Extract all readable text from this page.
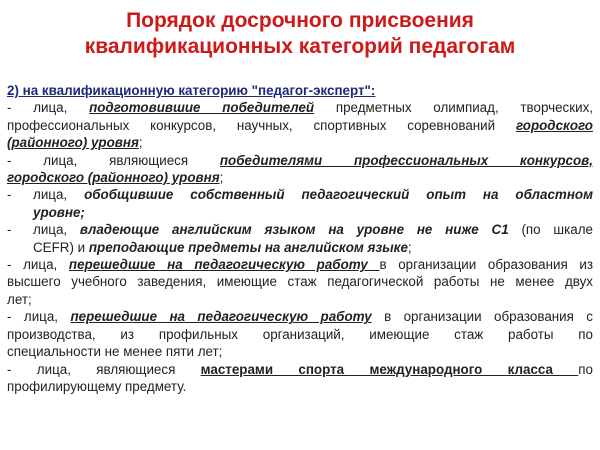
Порядок досрочного присвоения
квалификационных категорий педагогам

2) на квалификационную категорию "педагог-эксперт":

- лица, подготовившие победителей предметных олимпиад, творческих,

профессиональных конкурсов, научных, спортивных соревнований городского

(районного) уровня;

- лица, являющиеся победителями профессиональных конкурсов,

городского (районного) уровня;

-	лица, обобщившие собственный педагогический опыт на областном

уровне;

-	лица, владеющие английским языком на уровне не ниже С1 (по шкале

CEFR) и преподающие предметы на английском языке;

- лица, перешедшие на педагогическую работу в организации образования из

высшего учебного заведения, имеющие стаж педагогической работы не менее двух

лет;

- лица, перешедшие на педагогическую работу в организации образования с

производства, из профильных организаций, имеющие стаж работы по

специальности не менее пяти лет;

- лица, являющиеся мастерами спорта международного класса по

профилирующему предмету.
